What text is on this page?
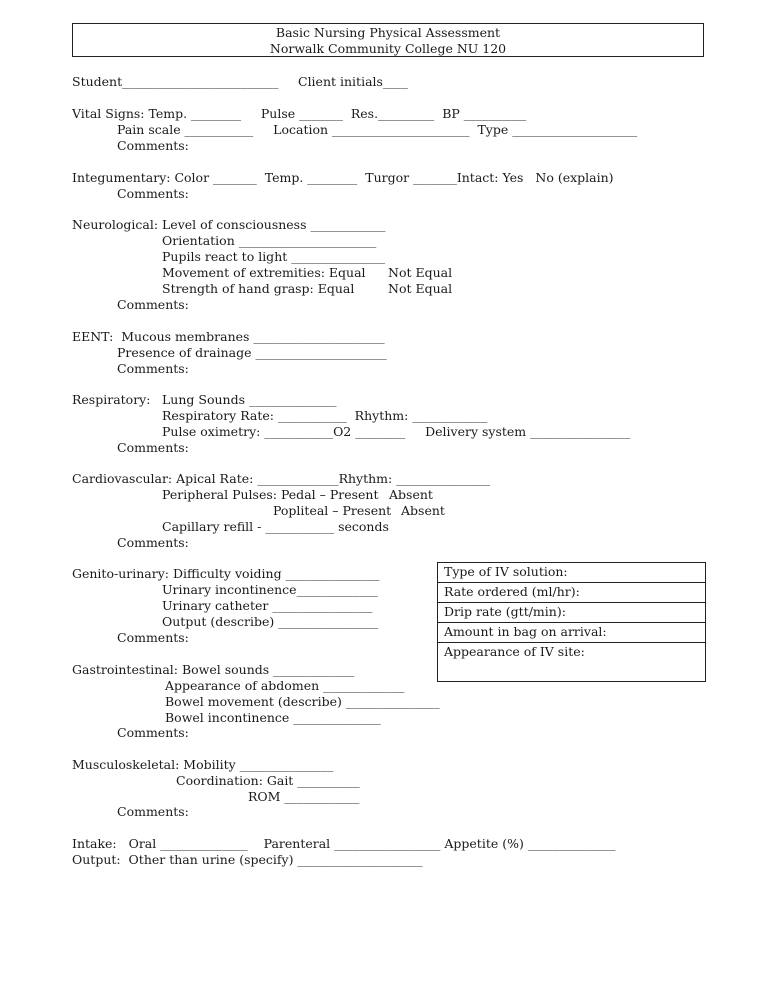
Basic Nursing Physical Assessment
Norwalk Community College NU 120
Student_________________________ Client initials____
Vital Signs: Temp. ________     Pulse _______  Res._________  BP __________
Pain scale ___________     Location ______________________  Type ____________________
Comments:
Integumentary: Color _______  Temp. ________  Turgor _______Intact: Yes   No (explain)
Comments:
Neurological: Level of consciousness ____________
Orientation ______________________
Pupils react to light _______________
Movement of extremities: Equal Not Equal
Strength of hand grasp: Equal	Not Equal
Comments:
EENT:  Mucous membranes _____________________
Presence of drainage _____________________
Comments:
Respiratory: Lung Sounds ______________
Respiratory Rate: ___________  Rhythm: ____________
Pulse oximetry: ___________O2 ________     Delivery system ________________
Comments:
Cardiovascular: Apical Rate: _____________Rhythm: _______________
Peripheral Pulses: Pedal – Present Absent
Popliteal – Present Absent
Capillary refill - ___________ seconds
Comments:
Genito-urinary: Difficulty voiding _______________
Urinary incontinence_____________
Urinary catheter ________________
Output (describe) ________________
Comments:
Type of IV solution:
Rate ordered (ml/hr):
Drip rate (gtt/min):
Amount in bag on arrival:
Appearance of IV site:
Gastrointestinal: Bowel sounds _____________
Appearance of abdomen _____________
Bowel movement (describe) _______________
Bowel incontinence ______________
Comments:
Musculoskeletal: Mobility _______________
Coordination: Gait __________
ROM ____________
Comments:
Intake:   Oral ______________    Parenteral _________________ Appetite (%) ______________
Output:  Other than urine (specify) ____________________
